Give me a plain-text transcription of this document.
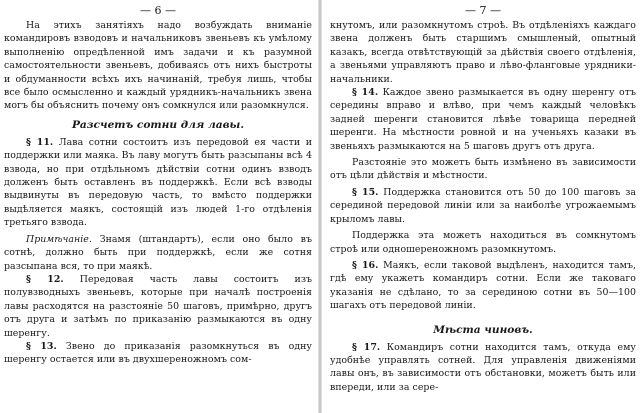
— 6 —

На этихъ занятіяхъ надо возбуждать вниманіе командировъ взводовъ и начальниковъ звеньевъ къ умѣлому выполненію опредѣленной имъ задачи и къ разумной самостоятельности звеньевъ, добиваясь отъ нихъ быстроты и обдуманности всѣхъ ихъ начинаній, требуя лишь, чтобы все было осмысленно и каждый урядникъ-начальникъ звена могъ бы объяснить почему онъ сомкнулся или разомкнулся.

Разсчетъ сотни для лавы.

§ 11. Лава сотни состоитъ изъ передовой ея части и поддержки или маяка. Въ лаву могутъ быть разсыпаны всѣ 4 взвода, но при отдѣльномъ дѣйствіи сотни одинъ взводъ долженъ быть оставленъ въ поддержкѣ. Если всѣ взводы выдвинуты въ передовую часть, то вмѣсто поддержки выдѣляется маякъ, состоящій изъ людей 1-го отдѣленія третьяго взвода.

Примѣчаніе. Знамя (штандартъ), если оно было въ сотнѣ, должно быть при поддержкѣ, если же сотня разсыпана вся, то при маякѣ.

§ 12. Передовая часть лавы состоитъ изъ полувзводныхъ звеньевъ, которые при началѣ построенія лавы расходятся на разстояніе 50 шаговъ, примѣрно, другъ отъ друга и затѣмъ по приказанію размыкаются въ одну шеренгу.

§ 13. Звено до приказанія разомкнуться въ одну шеренгу остается или въ двухшереножномъ сом-

— 7 —

кнутомъ, или разомкнутомъ строѣ. Въ отдѣленіяхъ каждаго звена долженъ быть старшимъ смышленый, опытный казакъ, всегда отвѣтствующій за дѣйствія своего отдѣленія, а звеньями управляютъ право и лѣво-фланговые урядники-начальники.

§ 14. Каждое звено размыкается въ одну шеренгу отъ середины вправо и влѣво, при чемъ каждый человѣкъ задней шеренги становится лѣвѣе товарища передней шеренги. На мѣстности ровной и на ученьяхъ казаки въ звеньяхъ размыкаются на 5 шаговъ другъ отъ друга.

Разстояніе это можетъ быть измѣнено въ зависимости отъ цѣли дѣйствія и мѣстности.

§ 15. Поддержка становится отъ 50 до 100 шаговъ за серединой передовой линіи или за наиболѣе угрожаемымъ крыломъ лавы.

Поддержка эта можетъ находиться въ сомкнутомъ строѣ или одношереножномъ разомкнутомъ.

§ 16. Маякъ, если таковой выдѣленъ, находится тамъ, гдѣ ему укажетъ командиръ сотни. Если же таковаго указанія не сдѣлано, то за серединою сотни въ 50—100 шагахъ отъ передовой линіи.

Мѣста чиновъ.

§ 17. Командиръ сотни находится тамъ, откуда ему удобнѣе управлять сотней. Для управленія движеніями лавы онъ, въ зависимости отъ обстановки, можетъ быть или впереди, или за сере-
